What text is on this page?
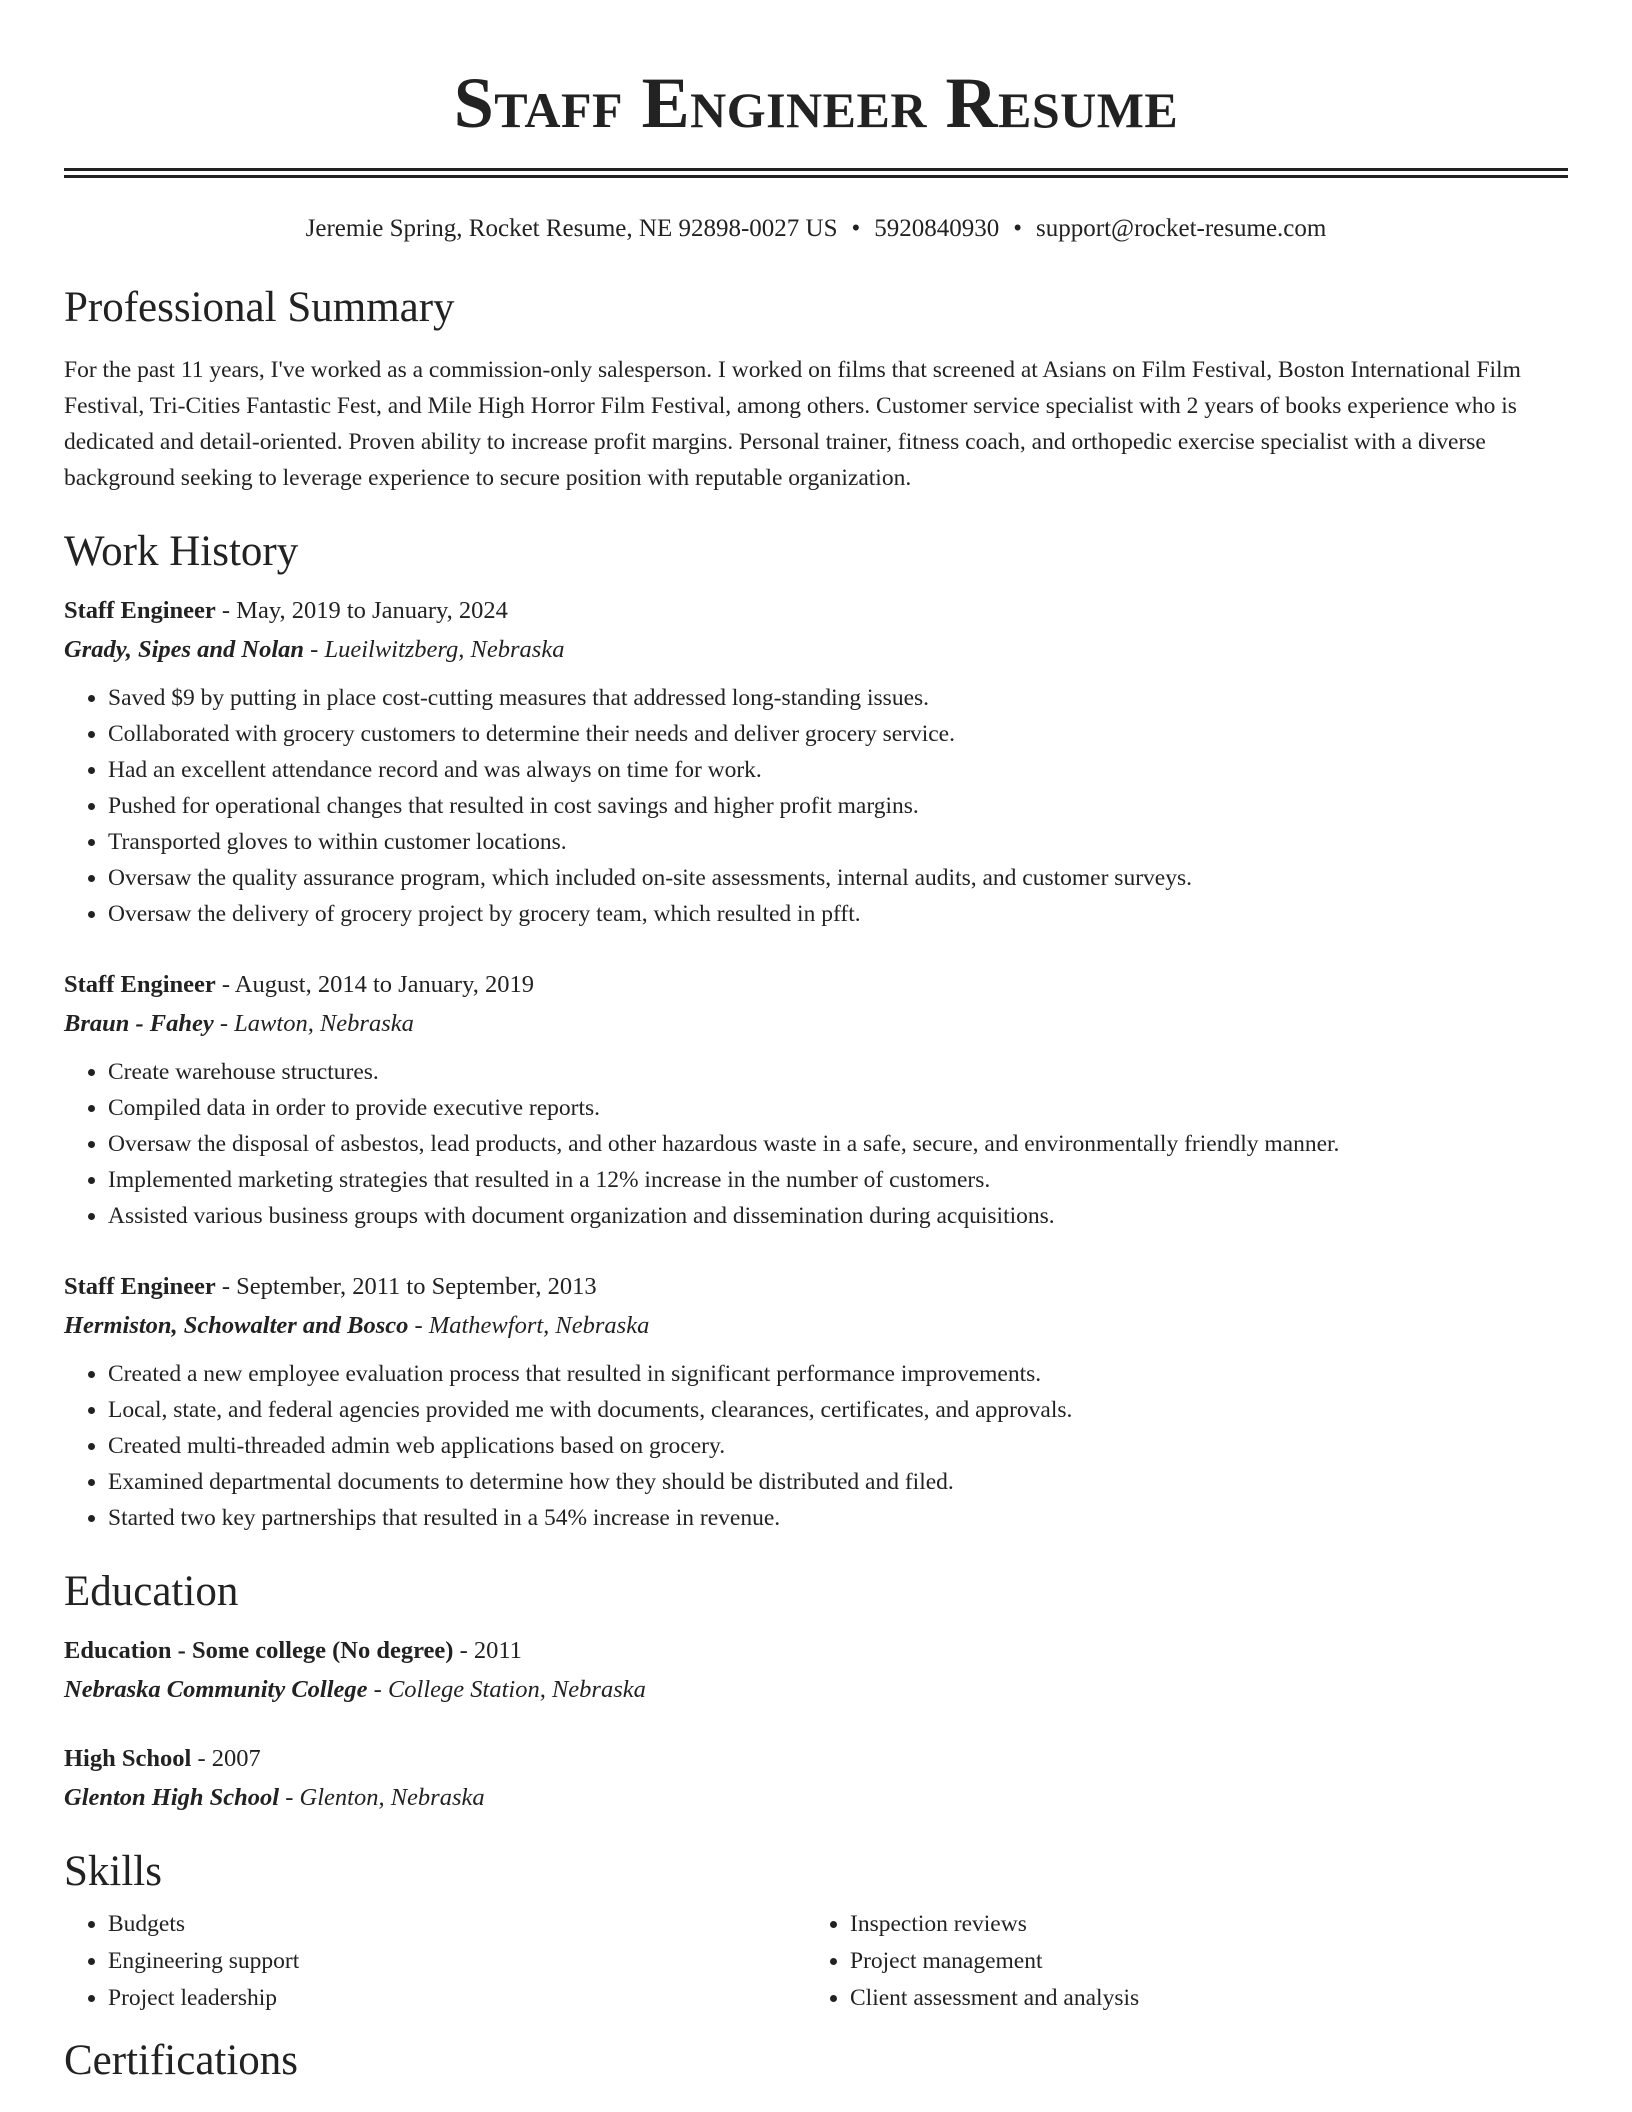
Staff Engineer Resume
Jeremie Spring, Rocket Resume, NE 92898-0027 US • 5920840930 • support@rocket-resume.com
Professional Summary

For the past 11 years, I've worked as a commission-only salesperson. I worked on films that screened at Asians on Film Festival, Boston International Film Festival, Tri-Cities Fantastic Fest, and Mile High Horror Film Festival, among others. Customer service specialist with 2 years of books experience who is dedicated and detail-oriented. Proven ability to increase profit margins. Personal trainer, fitness coach, and orthopedic exercise specialist with a diverse background seeking to leverage experience to secure position with reputable organization.

Work History
Staff Engineer - May, 2019 to January, 2024
Grady, Sipes and Nolan - Lueilwitzberg, Nebraska
• Saved $9 by putting in place cost-cutting measures that addressed long-standing issues.
• Collaborated with grocery customers to determine their needs and deliver grocery service.
• Had an excellent attendance record and was always on time for work.
• Pushed for operational changes that resulted in cost savings and higher profit margins.
• Transported gloves to within customer locations.
• Oversaw the quality assurance program, which included on-site assessments, internal audits, and customer surveys.
• Oversaw the delivery of grocery project by grocery team, which resulted in pfft.
Staff Engineer - August, 2014 to January, 2019
Braun - Fahey - Lawton, Nebraska
• Create warehouse structures.
• Compiled data in order to provide executive reports.
• Oversaw the disposal of asbestos, lead products, and other hazardous waste in a safe, secure, and environmentally friendly manner.
• Implemented marketing strategies that resulted in a 12% increase in the number of customers.
• Assisted various business groups with document organization and dissemination during acquisitions.
Staff Engineer - September, 2011 to September, 2013
Hermiston, Schowalter and Bosco - Mathewfort, Nebraska
• Created a new employee evaluation process that resulted in significant performance improvements.
• Local, state, and federal agencies provided me with documents, clearances, certificates, and approvals.
• Created multi-threaded admin web applications based on grocery.
• Examined departmental documents to determine how they should be distributed and filed.
• Started two key partnerships that resulted in a 54% increase in revenue.
Education
Education - Some college (No degree) - 2011
Nebraska Community College - College Station, Nebraska
High School - 2007
Glenton High School - Glenton, Nebraska
Skills
• Budgets
• Engineering support
• Project leadership
• Inspection reviews
• Project management
• Client assessment and analysis
Certifications
